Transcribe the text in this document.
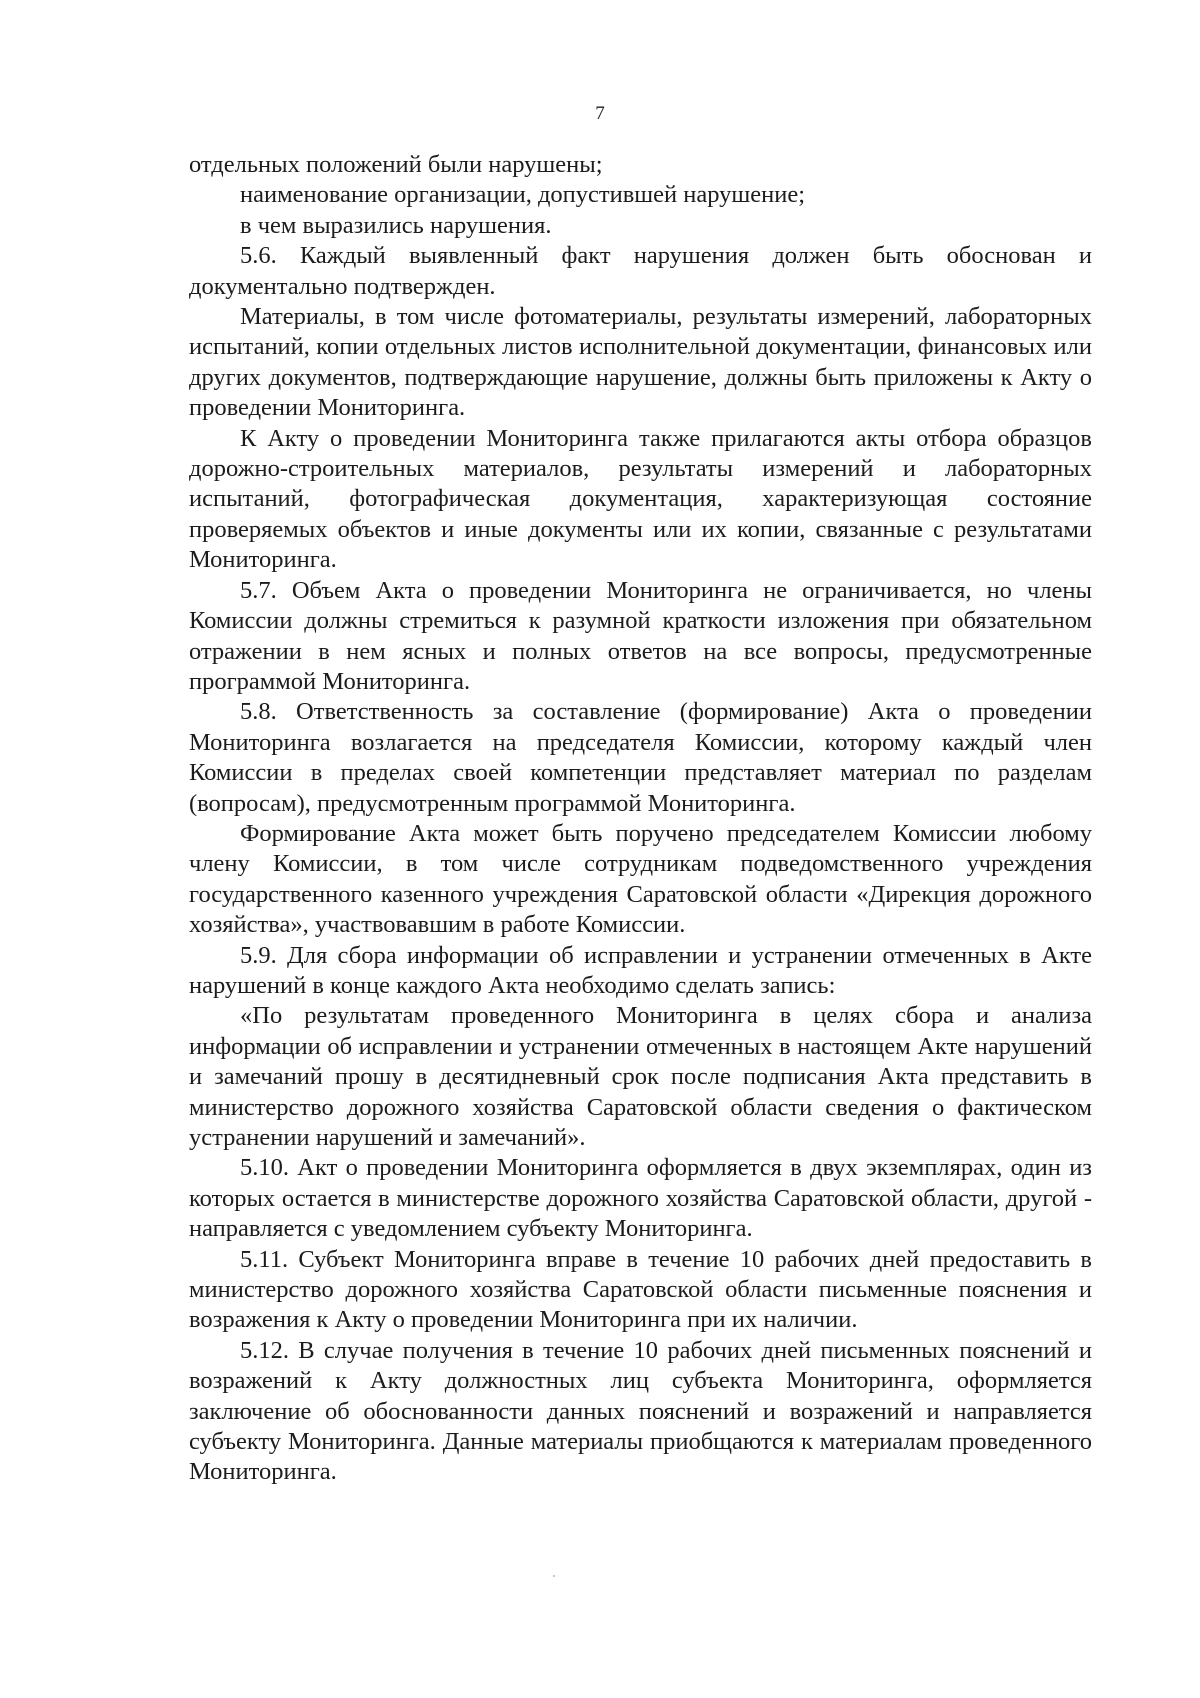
7

отдельных положений были нарушены;

наименование организации, допустившей нарушение;

в чем выразились нарушения.

5.6. Каждый выявленный факт нарушения должен быть обоснован и документально подтвержден.

Материалы, в том числе фотоматериалы, результаты измерений, лабораторных испытаний, копии отдельных листов исполнительной документации, финансовых или других документов, подтверждающие нарушение, должны быть приложены к Акту о проведении Мониторинга.

К Акту о проведении Мониторинга также прилагаются акты отбора образцов дорожно-строительных материалов, результаты измерений и лабораторных испытаний, фотографическая документация, характеризующая состояние проверяемых объектов и иные документы или их копии, связанные с результатами Мониторинга.

5.7. Объем Акта о проведении Мониторинга не ограничивается, но члены Комиссии должны стремиться к разумной краткости изложения при обязательном отражении в нем ясных и полных ответов на все вопросы, предусмотренные программой Мониторинга.

5.8. Ответственность за составление (формирование) Акта о проведении Мониторинга возлагается на председателя Комиссии, которому каждый член Комиссии в пределах своей компетенции представляет материал по разделам (вопросам), предусмотренным программой Мониторинга.

Формирование Акта может быть поручено председателем Комиссии любому члену Комиссии, в том числе сотрудникам подведомственного учреждения государственного казенного учреждения Саратовской области «Дирекция дорожного хозяйства», участвовавшим в работе Комиссии.

5.9. Для сбора информации об исправлении и устранении отмеченных в Акте нарушений в конце каждого Акта необходимо сделать запись:

«По результатам проведенного Мониторинга в целях сбора и анализа информации об исправлении и устранении отмеченных в настоящем Акте нарушений и замечаний прошу в десятидневный срок после подписания Акта представить в министерство дорожного хозяйства Саратовской области сведения о фактическом устранении нарушений и замечаний».

5.10. Акт о проведении Мониторинга оформляется в двух экземплярах, один из которых остается в министерстве дорожного хозяйства Саратовской области, другой - направляется с уведомлением субъекту Мониторинга.

5.11. Субъект Мониторинга вправе в течение 10 рабочих дней предоставить в министерство дорожного хозяйства Саратовской области письменные пояснения и возражения к Акту о проведении Мониторинга при их наличии.

5.12. В случае получения в течение 10 рабочих дней письменных пояснений и возражений к Акту должностных лиц субъекта Мониторинга, оформляется заключение об обоснованности данных пояснений и возражений и направляется субъекту Мониторинга. Данные материалы приобщаются к материалам проведенного Мониторинга.
